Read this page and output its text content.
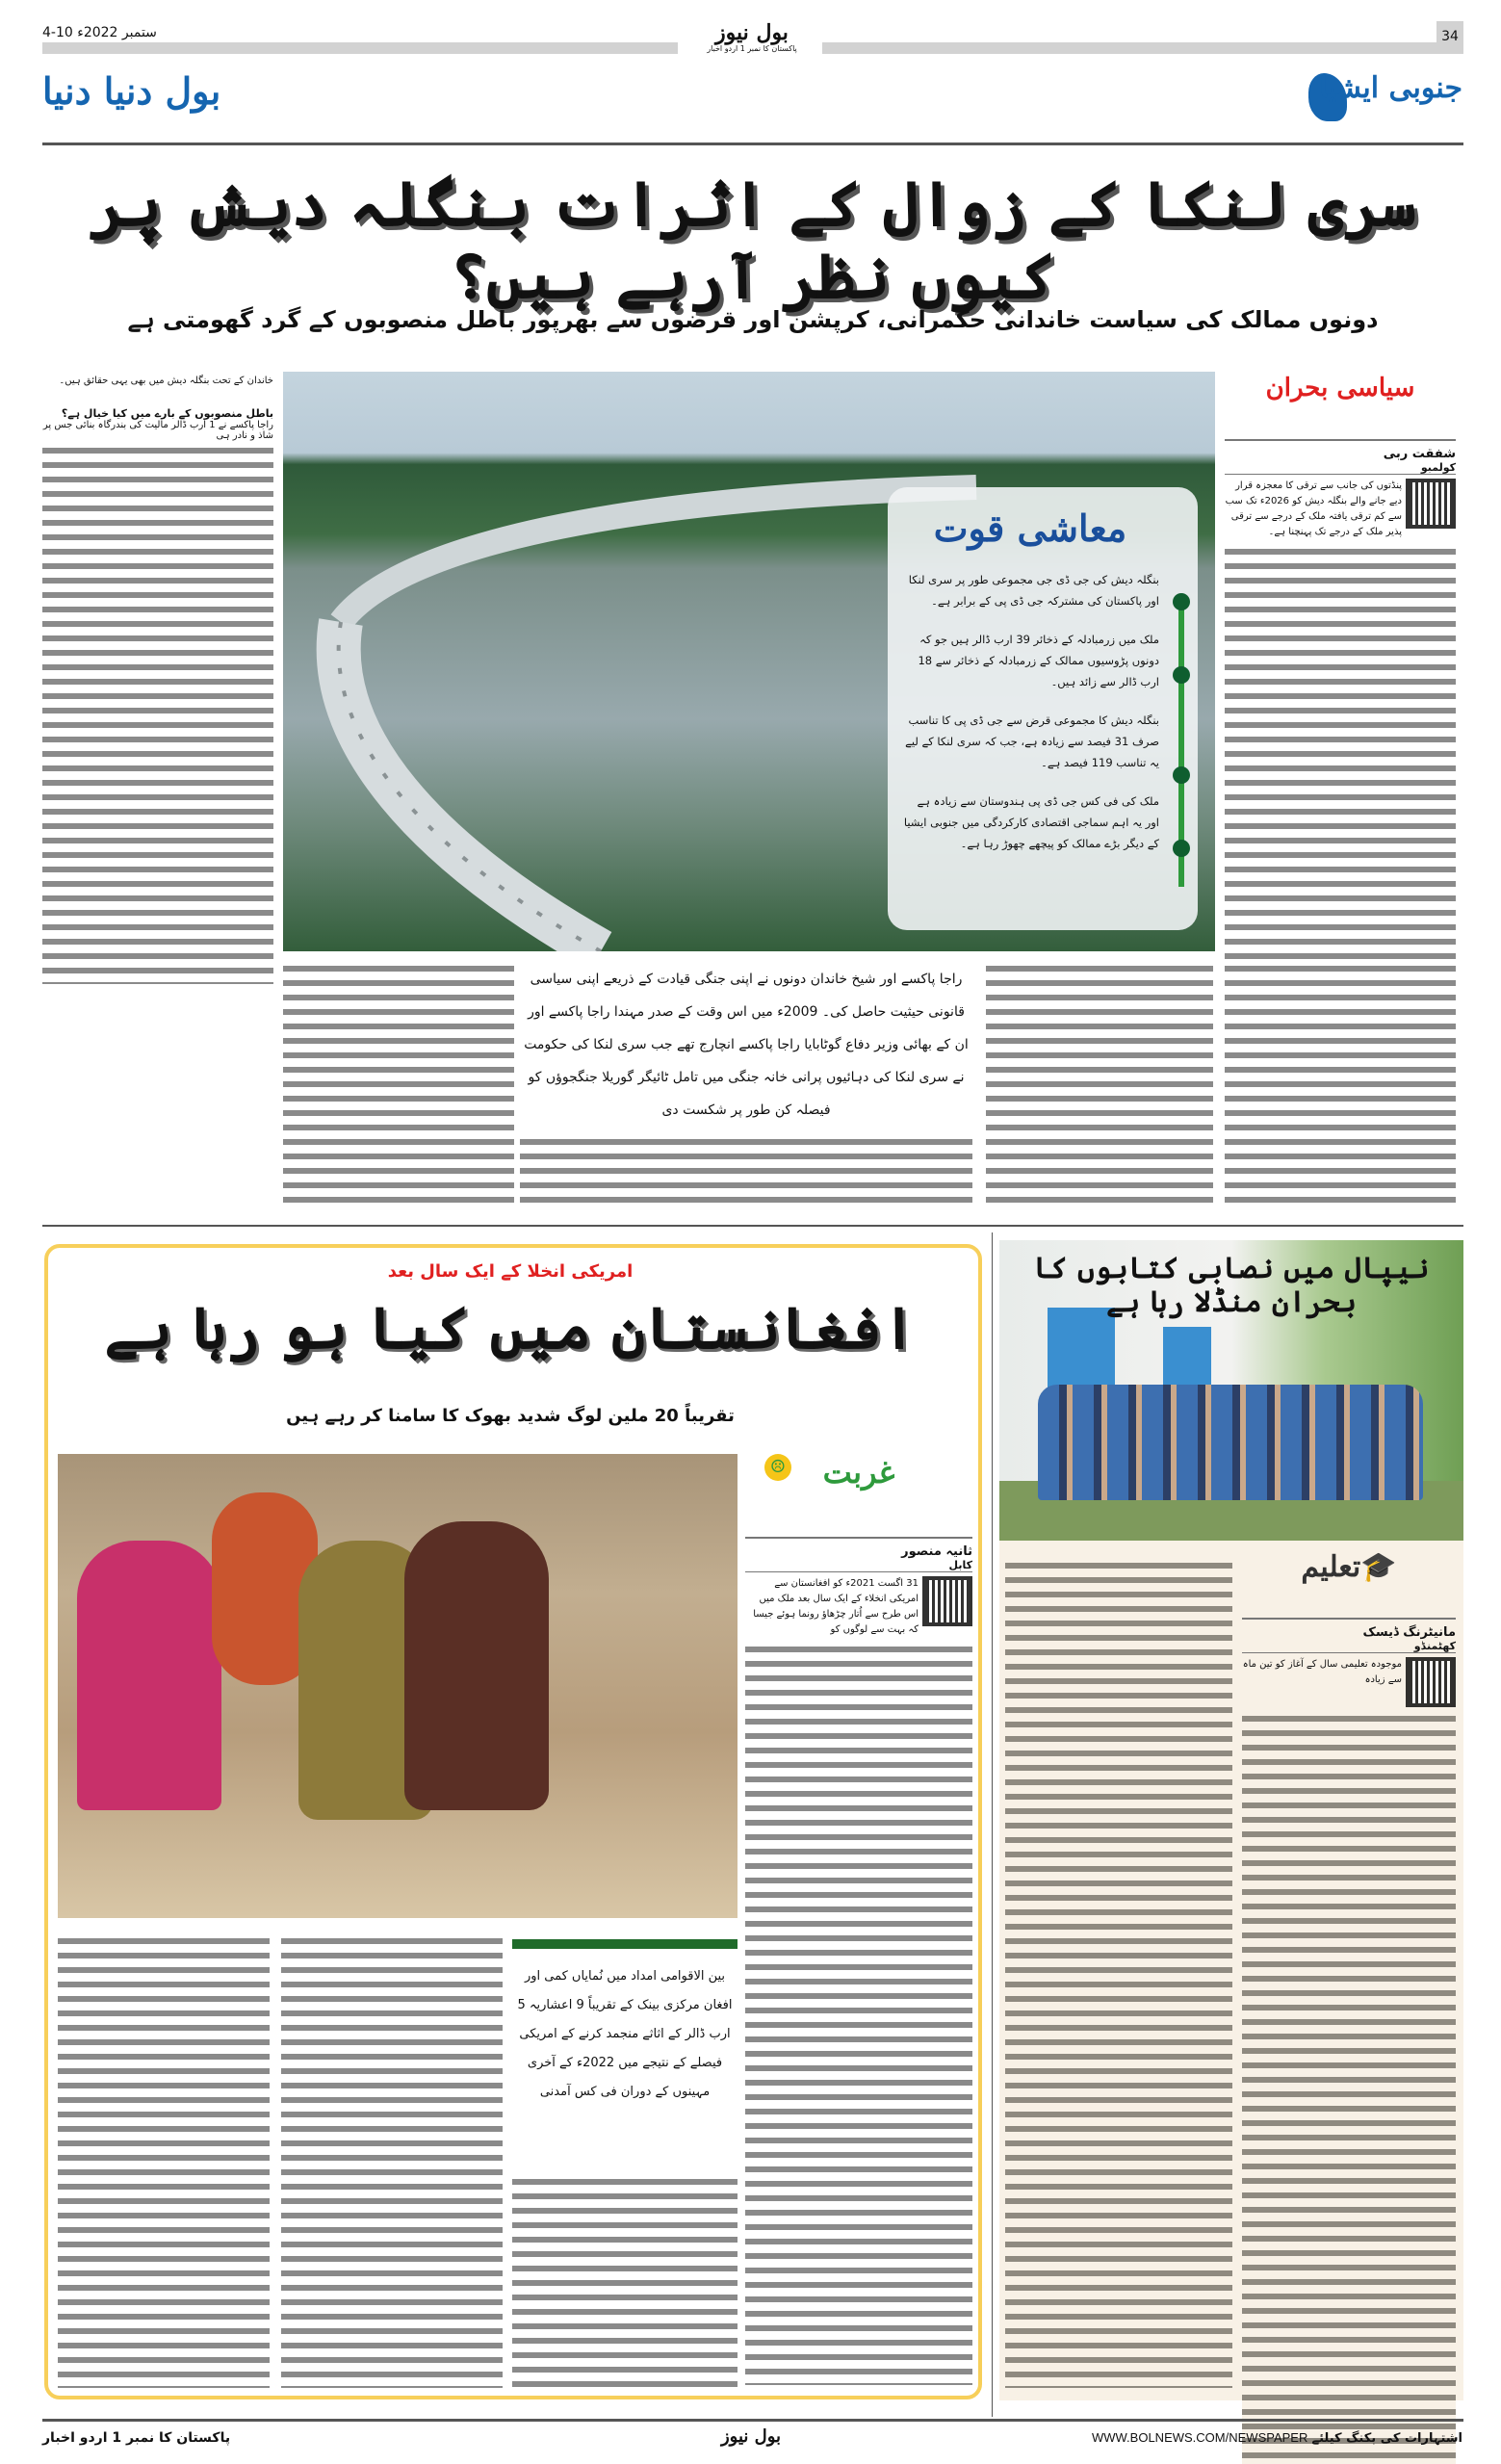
4-10 ستمبر 2022ء	34
بول نیوز
پاکستان کا نمبر 1 اردو اخبار
بول دنیا دنیا	جنوبی ایشیا
سری لنکا کے زوال کے اثرات بنگلہ دیش پر کیوں نظر آرہے ہیں؟
دونوں ممالک کی سیاست خاندانی حکمرانی، کرپشن اور قرضوں سے بھرپور باطل منصوبوں کے گرد گھومتی ہے
خاندان کے تحت بنگلہ دیش میں بھی یہی حقائق ہیں۔
باطل منصوبوں کے بارے میں کیا خیال ہے؟
راجا پاکسے نے 1 ارب ڈالر مالیت کی بندرگاہ بنائی جس پر شاذ و نادر ہی
معاشی قوت

بنگلہ دیش کی جی ڈی جی مجموعی طور پر سری لنکا اور پاکستان کی مشترکہ جی ڈی پی کے برابر ہے۔

ملک میں زرمبادلہ کے ذخائر 39 ارب ڈالر ہیں جو کہ دونوں پڑوسیوں ممالک کے زرمبادلہ کے ذخائر سے 18 ارب ڈالر سے زائد ہیں۔

بنگلہ دیش کا مجموعی قرض سے جی ڈی پی کا تناسب صرف 31 فیصد سے زیادہ ہے، جب کہ سری لنکا کے لیے یہ تناسب 119 فیصد ہے۔

ملک کی فی کس جی ڈی پی ہندوستان سے زیادہ ہے اور یہ اہم سماجی اقتصادی کارکردگی میں جنوبی ایشیا کے دیگر بڑے ممالک کو پیچھے چھوڑ رہا ہے۔

سیاسی بحران
شفقت ربی
کولمبو
پنڈتوں کی جانب سے ترقی کا معجزہ قرار دیے جانے والے بنگلہ دیش کو 2026ء تک سب سے کم ترقی یافتہ ملک کے درجے سے ترقی پذیر ملک کے درجے تک پہنچنا ہے۔

راجا پاکسے اور شیخ خاندان دونوں نے اپنی جنگی قیادت کے ذریعے اپنی سیاسی قانونی حیثیت حاصل کی۔ 2009ء میں اس وقت کے صدر مہندا راجا پاکسے اور ان کے بھائی وزیر دفاع گوٹابایا راجا پاکسے انچارج تھے جب سری لنکا کی حکومت نے سری لنکا کی دہائیوں پرانی خانہ جنگی میں تامل ٹائیگر گوریلا جنگجوؤں کو فیصلہ کن طور پر شکست دی

امریکی انخلا کے ایک سال بعد
افغانستان میں کیا ہو رہا ہے
تقریباً 20 ملین لوگ شدید بھوک کا سامنا کر رہے ہیں
غربت
☹
ثانیہ منصور
کابل
31 اگست 2021ء کو افغانستان سے امریکی انخلاء کے ایک سال بعد ملک میں اس طرح سے اُتار چڑھاؤ رونما ہوئے جیسا کہ بہت سے لوگوں کو

بین الاقوامی امداد میں نُمایاں کمی اور افغان مرکزی بینک کے تقریباً 9 اعشاریہ 5 ارب ڈالر کے اثاثے منجمد کرنے کے امریکی فیصلے کے نتیجے میں 2022ء کے آخری مہینوں کے دوران فی کس آمدنی

نیپال میں نصابی کتابوں کا بحران منڈلا رہا ہے
🎓تعلیم
مانیٹرنگ ڈیسک
کھٹمنڈو
موجودہ تعلیمی سال کے آغاز کو تین ماہ سے زیادہ
پاکستان کا نمبر 1 اردو اخبار	بول نیوز	اشتہارات کی بکنگ کیلئے WWW.BOLNEWS.COM/NEWSPAPER
